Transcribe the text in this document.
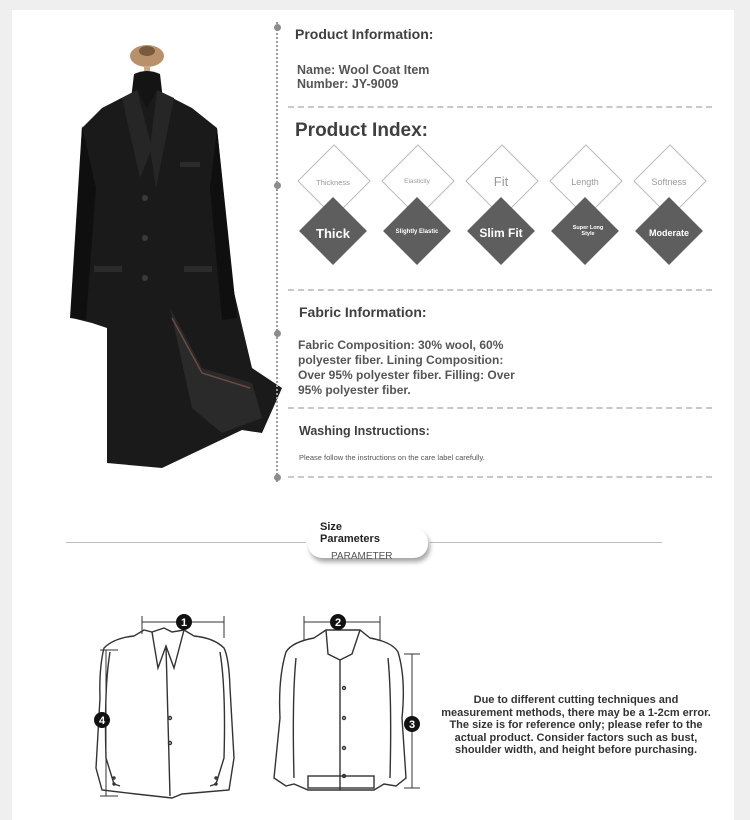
Product Information:
Name: Wool Coat Item
Number: JY-9009
Product Index:
Thickness
Thick
Elasticity
Slightly Elastic
Fit
Slim Fit
Length
Super Long Style
Softness
Moderate
Fabric Information:
Fabric Composition: 30% wool, 60%
polyester fiber. Lining Composition:
Over 95% polyester fiber. Filling: Over
95% polyester fiber.
Washing Instructions:
Please follow the instructions on the care label carefully.
Size
Parameters
PARAMETER
1
4
2
3
Due to different cutting techniques and
measurement methods, there may be a 1-2cm error.
The size is for reference only; please refer to the
actual product. Consider factors such as bust,
shoulder width, and height before purchasing.
